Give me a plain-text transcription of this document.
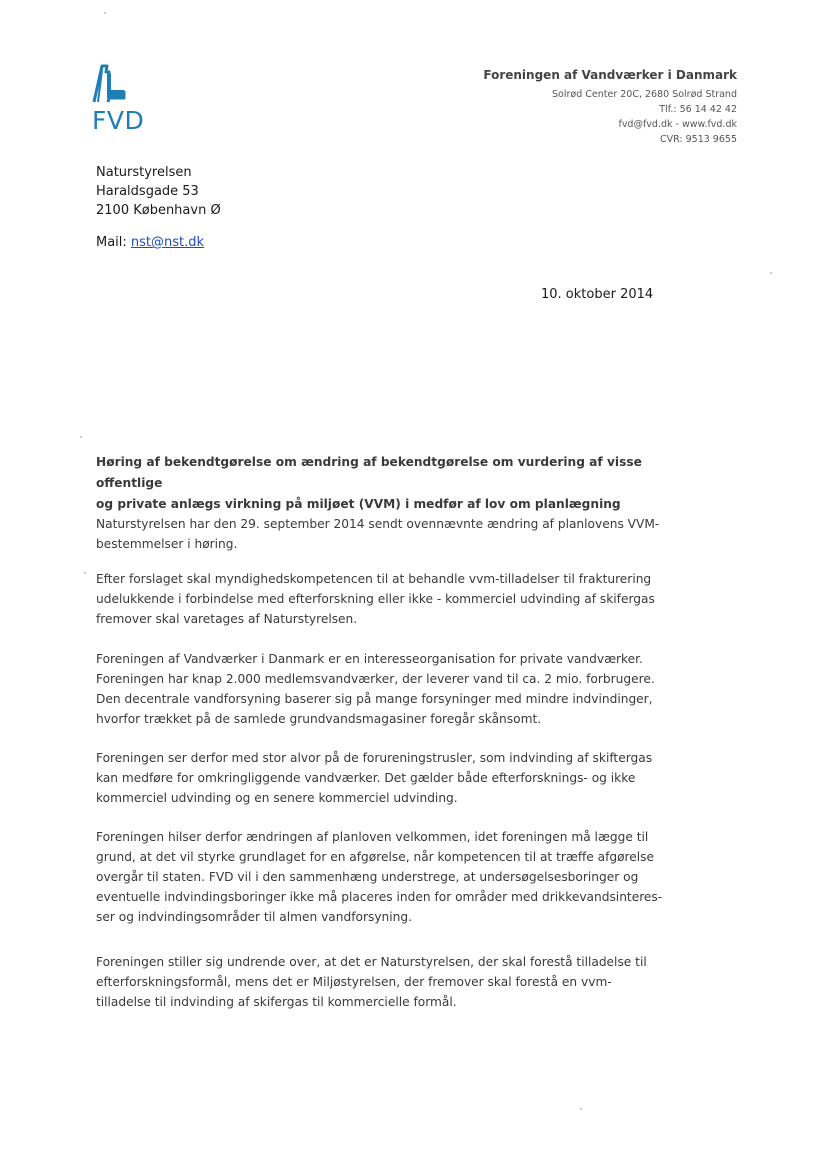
FVD
Foreningen af Vandværker i Danmark
Solrød Center 20C, 2680 Solrød Strand
Tlf.: 56 14 42 42
fvd@fvd.dk - www.fvd.dk
CVR: 9513 9655
Naturstyrelsen
Haraldsgade 53
2100 København Ø
Mail: nst@nst.dk
10. oktober 2014
Høring af bekendtgørelse om ændring af bekendtgørelse om vurdering af visse offentlige
og private anlægs virkning på miljøet (VVM) i medfør af lov om planlægning
Naturstyrelsen har den 29. september 2014 sendt ovennævnte ændring af planlovens VVM-
bestemmelser i høring.
Efter forslaget skal myndighedskompetencen til at behandle vvm-tilladelser til frakturering
udelukkende i forbindelse med efterforskning eller ikke - kommerciel udvinding af skifergas
fremover skal varetages af Naturstyrelsen.
Foreningen af Vandværker i Danmark er en interesseorganisation for private vandværker.
Foreningen har knap 2.000 medlemsvandværker, der leverer vand til ca. 2 mio. forbrugere.
Den decentrale vandforsyning baserer sig på mange forsyninger med mindre indvindinger,
hvorfor trækket på de samlede grundvandsmagasiner foregår skånsomt.
Foreningen ser derfor med stor alvor på de forureningstrusler, som indvinding af skiftergas
kan medføre for omkringliggende vandværker. Det gælder både efterforsknings- og ikke
kommerciel udvinding og en senere kommerciel udvinding.
Foreningen hilser derfor ændringen af planloven velkommen, idet foreningen må lægge til
grund, at det vil styrke grundlaget for en afgørelse, når kompetencen til at træffe afgørelse
overgår til staten. FVD vil i den sammenhæng understrege, at undersøgelsesboringer og
eventuelle indvindingsboringer ikke må placeres inden for områder med drikkevandsinteres-
ser og indvindingsområder til almen vandforsyning.
Foreningen stiller sig undrende over, at det er Naturstyrelsen, der skal forestå tilladelse til
efterforskningsformål, mens det er Miljøstyrelsen, der fremover skal forestå en vvm-
tilladelse til indvinding af skifergas til kommercielle formål.
